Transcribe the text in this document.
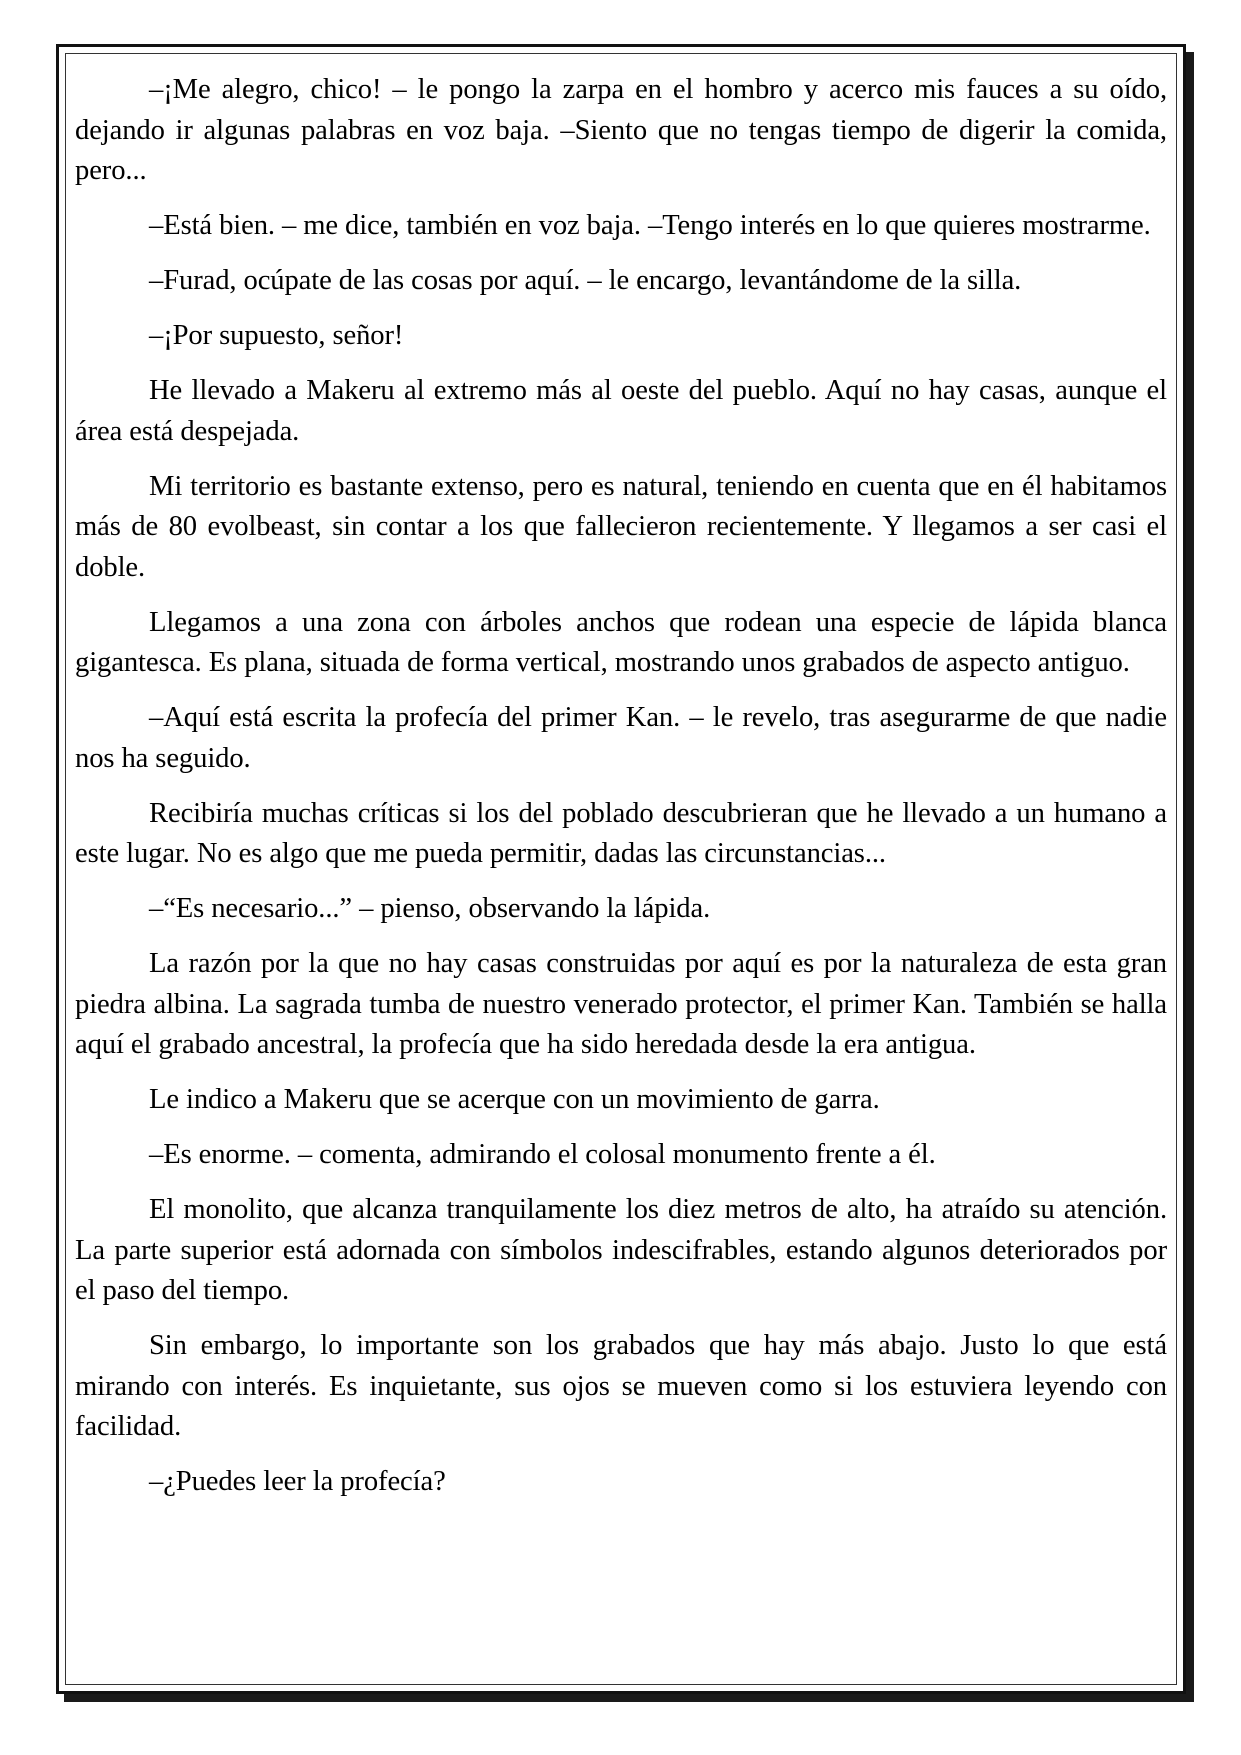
–¡Me alegro, chico! – le pongo la zarpa en el hombro y acerco mis fauces a su oído, dejando ir algunas palabras en voz baja. –Siento que no tengas tiempo de digerir la comida, pero...

–Está bien. – me dice, también en voz baja. –Tengo interés en lo que quieres mostrarme.

–Furad, ocúpate de las cosas por aquí. – le encargo, levantándome de la silla.

–¡Por supuesto, señor!

He llevado a Makeru al extremo más al oeste del pueblo. Aquí no hay casas, aunque el área está despejada.

Mi territorio es bastante extenso, pero es natural, teniendo en cuenta que en él habitamos más de 80 evolbeast, sin contar a los que fallecieron recientemente. Y llegamos a ser casi el doble.

Llegamos a una zona con árboles anchos que rodean una especie de lápida blanca gigantesca. Es plana, situada de forma vertical, mostrando unos grabados de aspecto antiguo.

–Aquí está escrita la profecía del primer Kan. – le revelo, tras asegurarme de que nadie nos ha seguido.

Recibiría muchas críticas si los del poblado descubrieran que he llevado a un humano a este lugar. No es algo que me pueda permitir, dadas las circunstancias...

–“Es necesario...” – pienso, observando la lápida.

La razón por la que no hay casas construidas por aquí es por la naturaleza de esta gran piedra albina. La sagrada tumba de nuestro venerado protector, el primer Kan. También se halla aquí el grabado ancestral, la profecía que ha sido heredada desde la era antigua.

Le indico a Makeru que se acerque con un movimiento de garra.

–Es enorme. – comenta, admirando el colosal monumento frente a él.

El monolito, que alcanza tranquilamente los diez metros de alto, ha atraído su atención. La parte superior está adornada con símbolos indescifrables, estando algunos deteriorados por el paso del tiempo.

Sin embargo, lo importante son los grabados que hay más abajo. Justo lo que está mirando con interés. Es inquietante, sus ojos se mueven como si los estuviera leyendo con facilidad.

–¿Puedes leer la profecía?
